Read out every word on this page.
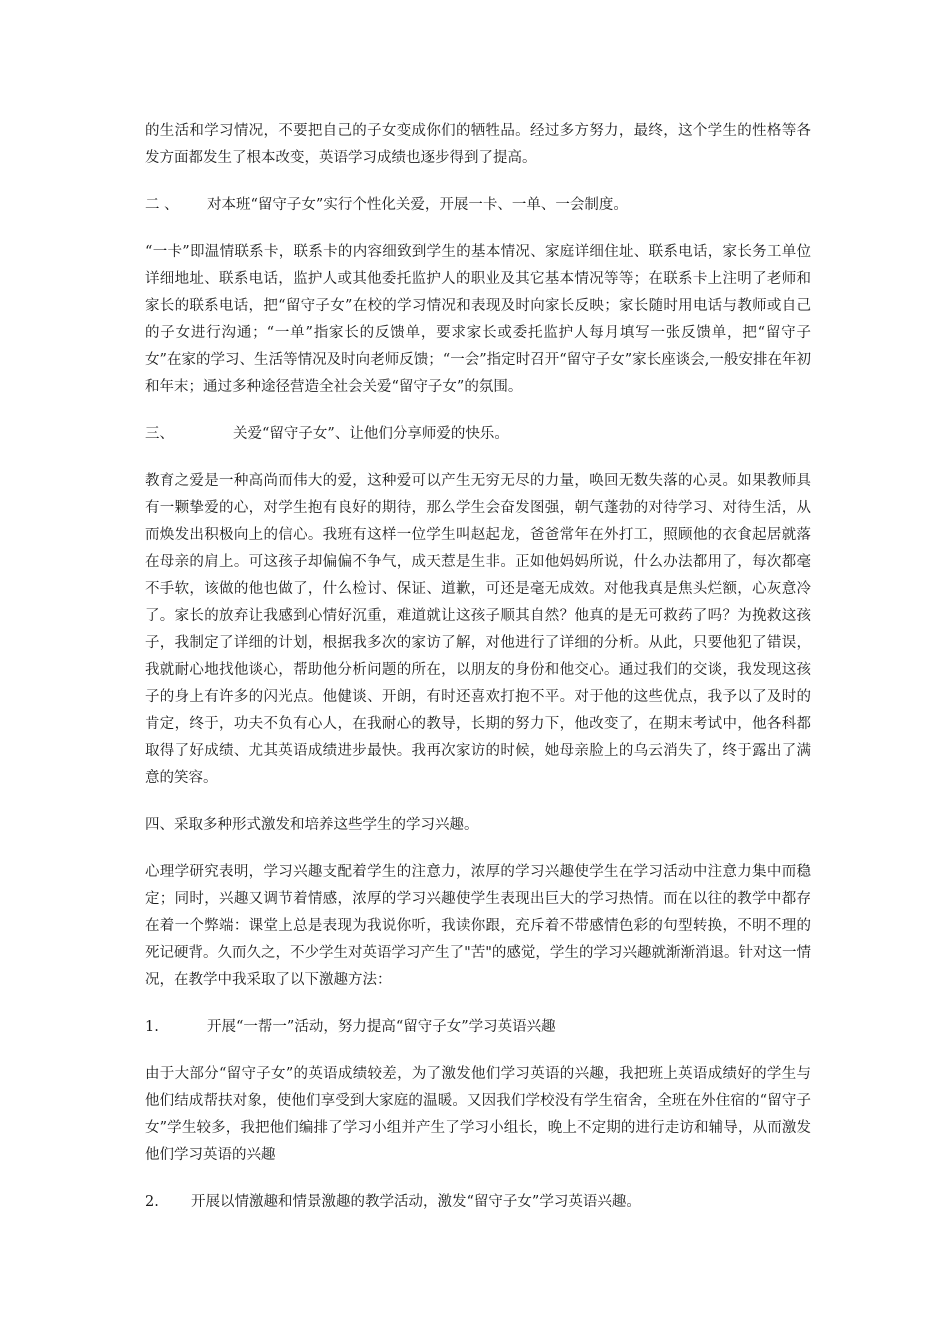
的生活和学习情况，不要把自己的子女变成你们的牺牲品。经过多方努力，最终，这个学生的性格等各发方面都发生了根本改变，英语学习成绩也逐步得到了提高。

二 、 对本班“留守子女”实行个性化关爱，开展一卡、一单、一会制度。

“一卡”即温情联系卡，联系卡的内容细致到学生的基本情况、家庭详细住址、联系电话，家长务工单位详细地址、联系电话，监护人或其他委托监护人的职业及其它基本情况等等；在联系卡上注明了老师和家长的联系电话，把“留守子女”在校的学习情况和表现及时向家长反映；家长随时用电话与教师或自己的子女进行沟通；“一单”指家长的反馈单，要求家长或委托监护人每月填写一张反馈单，把“留守子女”在家的学习、生活等情况及时向老师反馈；“一会”指定时召开“留守子女”家长座谈会,一般安排在年初和年末；通过多种途径营造全社会关爱“留守子女”的氛围。

三、	关爱“留守子女”、让他们分享师爱的快乐。

教育之爱是一种高尚而伟大的爱，这种爱可以产生无穷无尽的力量，唤回无数失落的心灵。如果教师具有一颗挚爱的心，对学生抱有良好的期待，那么学生会奋发图强，朝气蓬勃的对待学习、对待生活，从而焕发出积极向上的信心。我班有这样一位学生叫赵起龙，爸爸常年在外打工，照顾他的衣食起居就落在母亲的肩上。可这孩子却偏偏不争气，成天惹是生非。正如他妈妈所说，什么办法都用了，每次都毫不手软，该做的他也做了，什么检讨、保证、道歉，可还是毫无成效。对他我真是焦头烂额，心灰意冷了。家长的放弃让我感到心情好沉重，难道就让这孩子顺其自然？他真的是无可救药了吗？为挽救这孩子，我制定了详细的计划，根据我多次的家访了解，对他进行了详细的分析。从此，只要他犯了错误，我就耐心地找他谈心，帮助他分析问题的所在，以朋友的身份和他交心。通过我们的交谈，我发现这孩子的身上有许多的闪光点。他健谈、开朗，有时还喜欢打抱不平。对于他的这些优点，我予以了及时的肯定，终于，功夫不负有心人，在我耐心的教导，长期的努力下，他改变了，在期末考试中，他各科都取得了好成绩、尤其英语成绩进步最快。我再次家访的时候，她母亲脸上的乌云消失了，终于露出了满意的笑容。

四、采取多种形式激发和培养这些学生的学习兴趣。

心理学研究表明，学习兴趣支配着学生的注意力，浓厚的学习兴趣使学生在学习活动中注意力集中而稳定；同时，兴趣又调节着情感，浓厚的学习兴趣使学生表现出巨大的学习热情。而在以往的教学中都存在着一个弊端：课堂上总是表现为我说你听，我读你跟，充斥着不带感情色彩的句型转换，不明不理的死记硬背。久而久之，不少学生对英语学习产生了"苦"的感觉，学生的学习兴趣就渐渐消退。针对这一情况，在教学中我采取了以下激趣方法：

1.	开展“一帮一”活动，努力提高“留守子女”学习英语兴趣

由于大部分“留守子女”的英语成绩较差，为了激发他们学习英语的兴趣，我把班上英语成绩好的学生与他们结成帮扶对象，使他们享受到大家庭的温暖。又因我们学校没有学生宿舍，全班在外住宿的“留守子女”学生较多，我把他们编排了学习小组并产生了学习小组长，晚上不定期的进行走访和辅导，从而激发他们学习英语的兴趣

2. 开展以情激趣和情景激趣的教学活动，激发“留守子女”学习英语兴趣。
